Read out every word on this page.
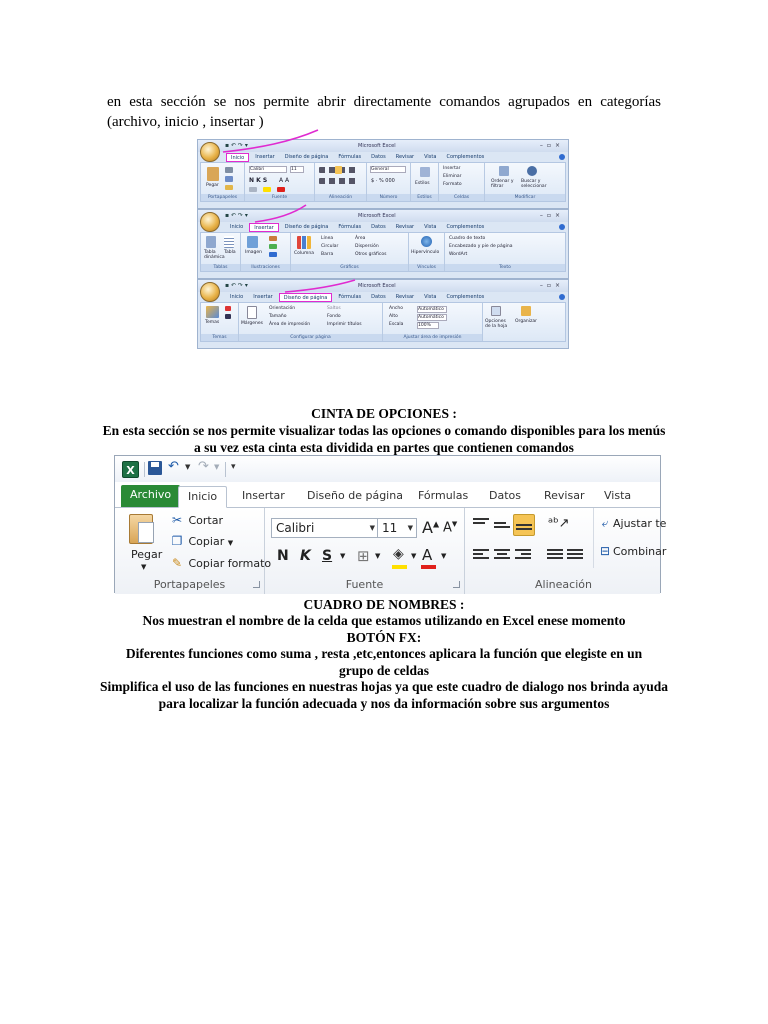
en esta sección se nos permite abrir directamente comandos agrupados en categorías (archivo, inicio , insertar )

▪ ↶ ↷ ▾	Microsoft Excel	–▫×
Inicio	Insertar	Diseño de página	Fórmulas	Datos	Revisar	Vista	Complementos
Pegar
Portapapeles
Calibri	11
N K S A A
Fuente	Alineación
General
$ · % 000
Número
Estilos
Estilos
Insertar
Eliminar
Formato
Celdas
Ordenar y filtrar
Buscar y seleccionar
Modificar
▪ ↶ ↷ ▾	Microsoft Excel	–▫×
Inicio	Insertar	Diseño de página	Fórmulas	Datos	Revisar	Vista	Complementos
Tabla dinámica
Tabla
Tablas
Imagen
Ilustraciones
Columna
Línea
Circular
Barra
Área
Dispersión
Otros gráficos
Gráficos
Hipervínculo
Vínculos
Cuadro de texto
Encabezado y pie de página
WordArt
Texto
▪ ↶ ↷ ▾	Microsoft Excel	–▫×
Inicio	Insertar	Diseño de página	Fórmulas	Datos	Revisar	Vista	Complementos
Temas
Temas
Márgenes
Orientación
Tamaño
Área de impresión
Saltos
Fondo
Imprimir títulos
Configurar página
Ancho
Alto
Escala
Automático
Automático
100%
Ajustar área de impresión
Opciones de la hoja
Organizar
CINTA DE OPCIONES :
En esta sección se nos permite visualizar todas las opciones o comando disponibles para los menús a su vez esta cinta esta dividida en partes que contienen comandos
X	↶ ▼ ↷ ▼ ▾
Archivo	Inicio	Insertar	Diseño de página	Fórmulas	Datos	Revisar	Vista
Pegar
▼
✂ Cortar
❐ Copiar ▼
✎ Copiar formato
Portapapeles
Calibri	▼ 11 ▼ A▲ A▼
N K S ▼ ⊞ ▼ ◈ ▼ A ▼
Fuente
ᵃᵇ↗	⤶ Ajustar te
⊟ Combinar
Alineación
CUADRO DE NOMBRES :
Nos muestran el nombre de la celda que estamos utilizando en Excel enese momento
BOTÓN FX:
Diferentes funciones como suma , resta ,etc,entonces aplicara la función que elegiste en un grupo de celdas
Simplifica el uso de las funciones en nuestras hojas ya que este cuadro de dialogo nos brinda ayuda para localizar la función adecuada y nos da información sobre sus argumentos
